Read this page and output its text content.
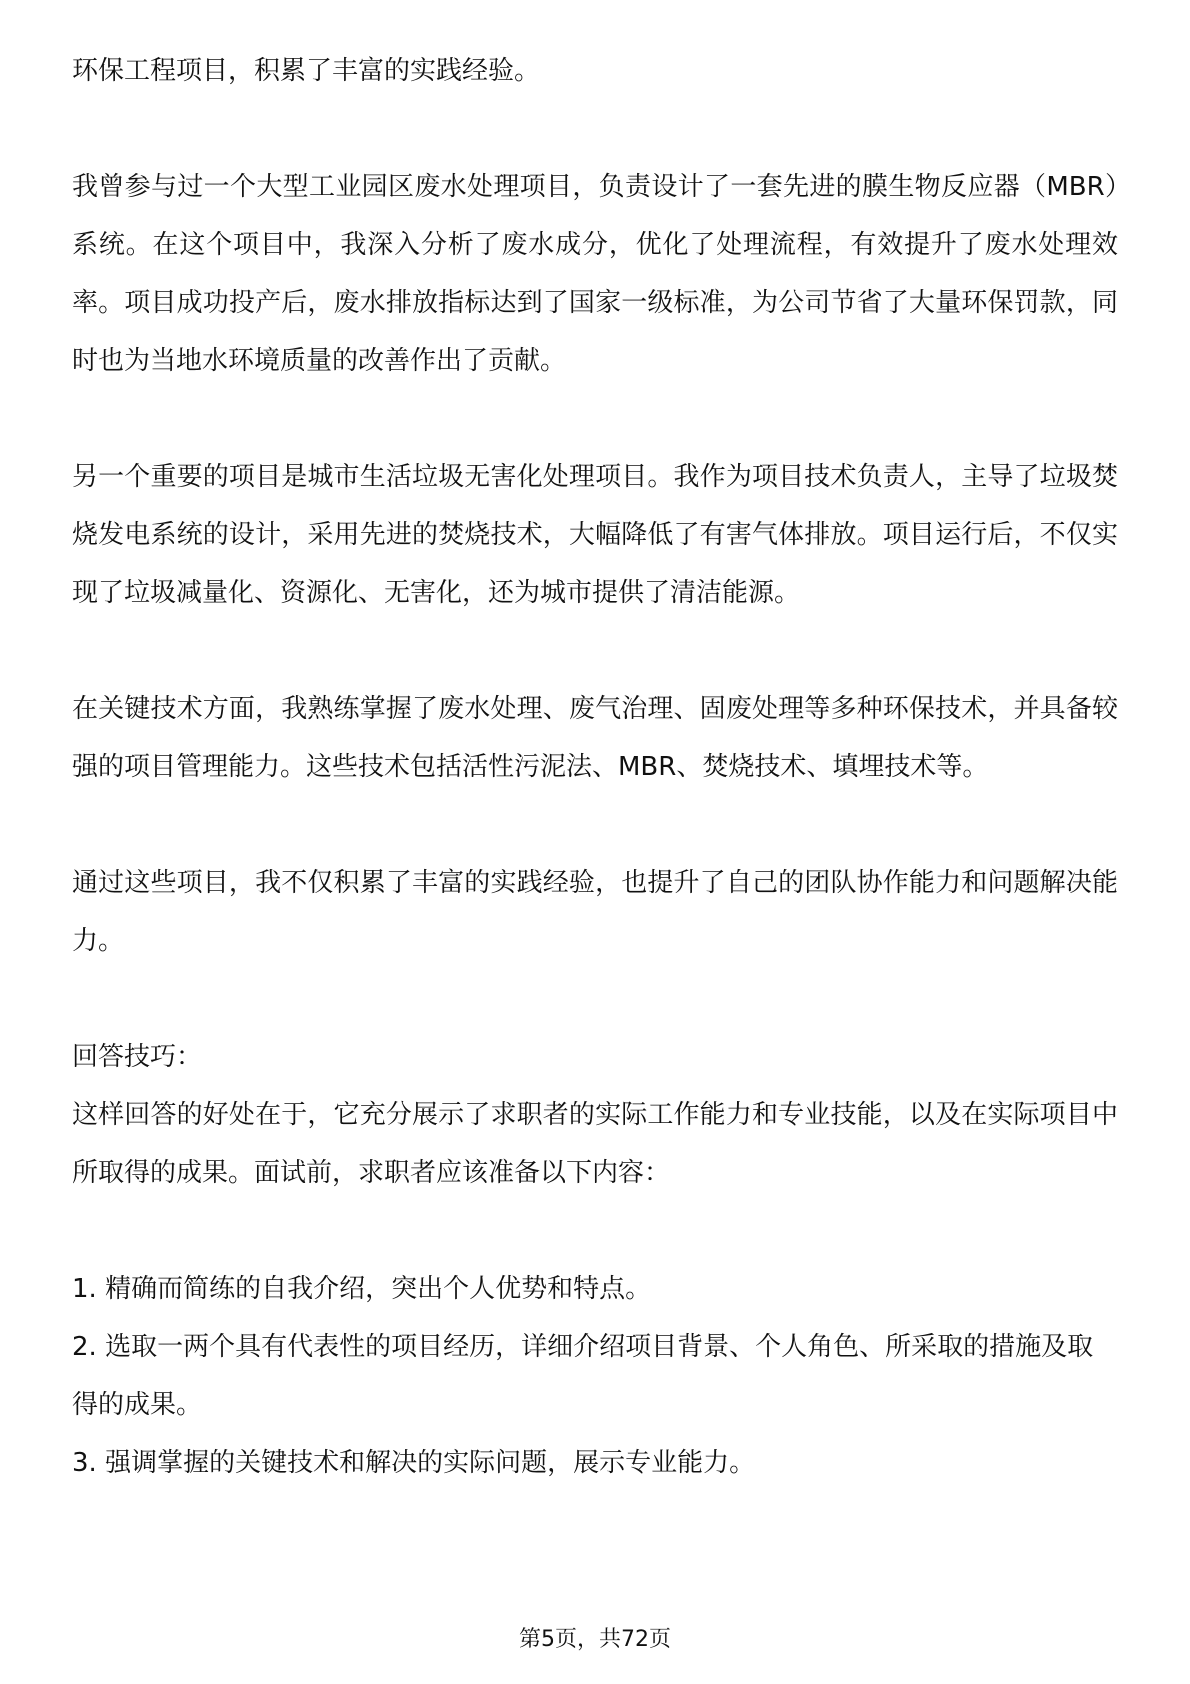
环保工程项目，积累了丰富的实践经验。

我曾参与过一个大型工业园区废水处理项目，负责设计了一套先进的膜生物反应器（MBR）系统。在这个项目中，我深入分析了废水成分，优化了处理流程，有效提升了废水处理效率。项目成功投产后，废水排放指标达到了国家一级标准，为公司节省了大量环保罚款，同时也为当地水环境质量的改善作出了贡献。

另一个重要的项目是城市生活垃圾无害化处理项目。我作为项目技术负责人，主导了垃圾焚烧发电系统的设计，采用先进的焚烧技术，大幅降低了有害气体排放。项目运行后，不仅实现了垃圾减量化、资源化、无害化，还为城市提供了清洁能源。

在关键技术方面，我熟练掌握了废水处理、废气治理、固废处理等多种环保技术，并具备较强的项目管理能力。这些技术包括活性污泥法、MBR、焚烧技术、填埋技术等。

通过这些项目，我不仅积累了丰富的实践经验，也提升了自己的团队协作能力和问题解决能力。

回答技巧：

这样回答的好处在于，它充分展示了求职者的实际工作能力和专业技能，以及在实际项目中所取得的成果。面试前，求职者应该准备以下内容：

1. 精确而简练的自我介绍，突出个人优势和特点。
2. 选取一两个具有代表性的项目经历，详细介绍项目背景、个人角色、所采取的措施及取得的成果。
3. 强调掌握的关键技术和解决的实际问题，展示专业能力。
第5页，共72页
